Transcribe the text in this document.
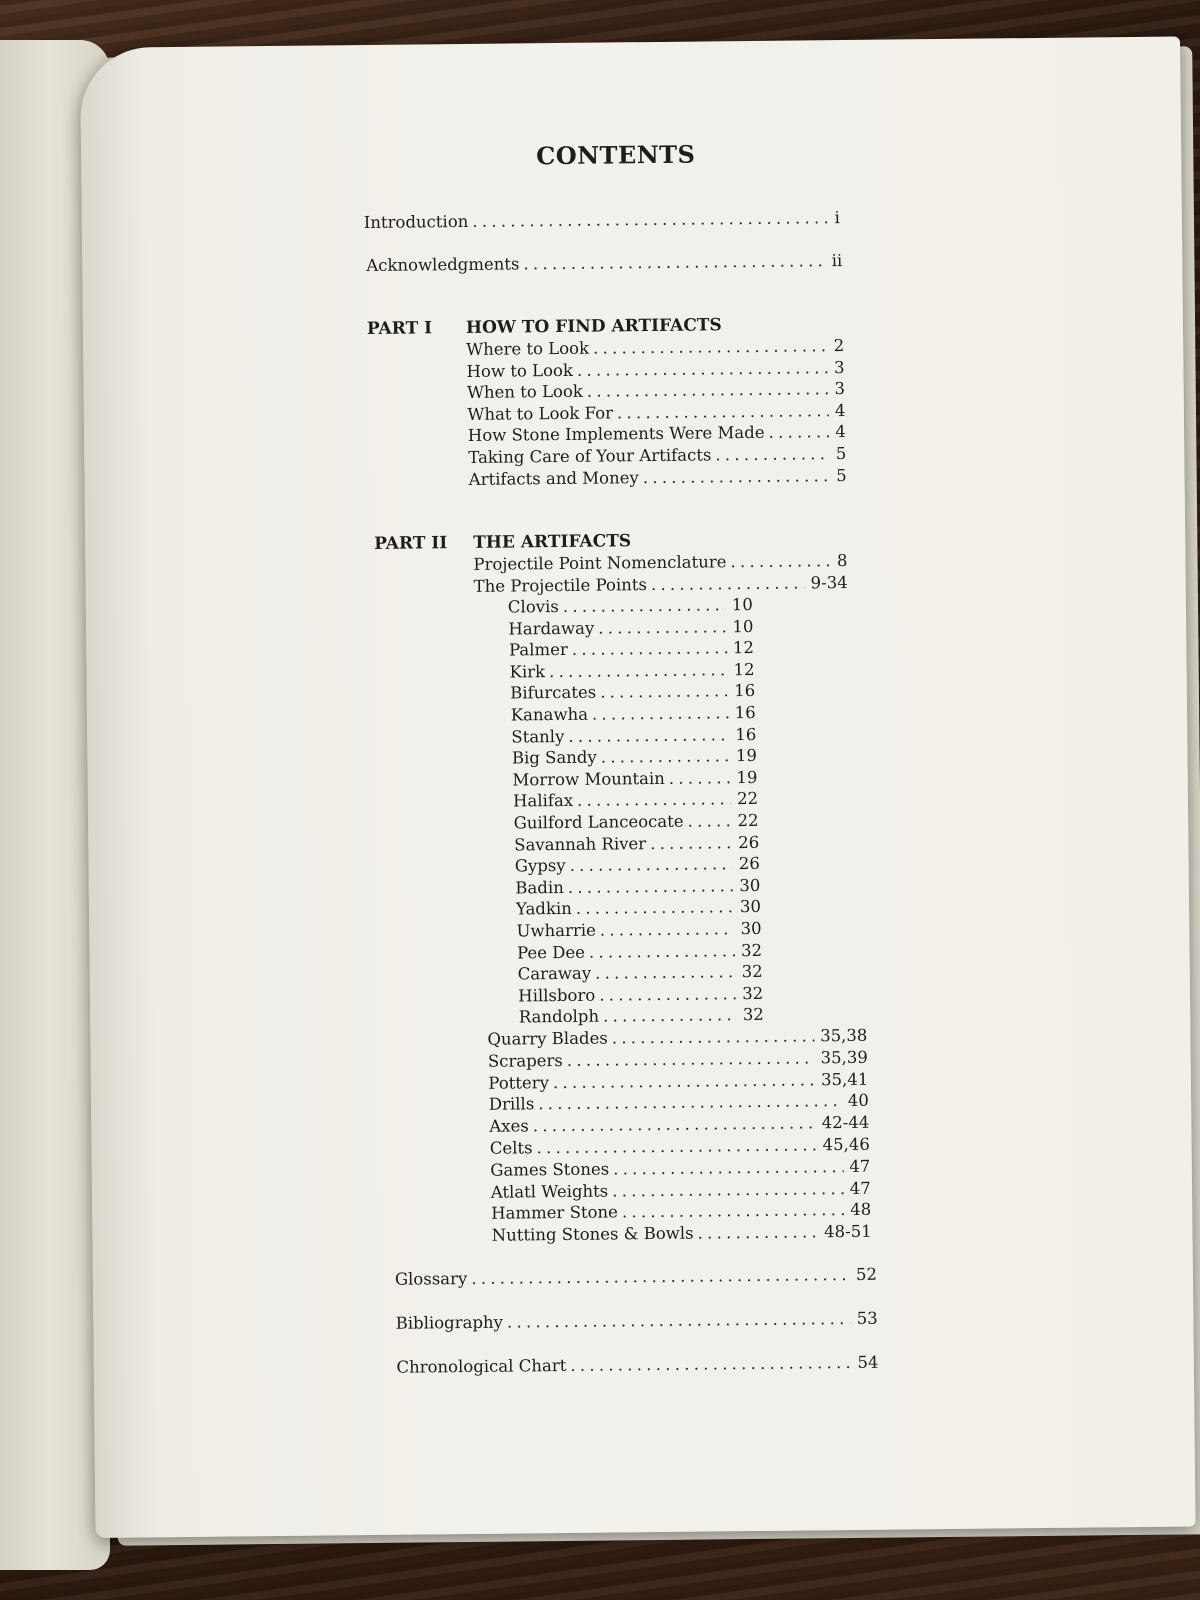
CONTENTS
Introduction . . .	i
Acknowledgments . . .	ii
PART I HOW TO FIND ARTIFACTS
Where to Look . . .	2
How to Look . . .	3
When to Look . . .	3
What to Look For . . .	4
How Stone Implements Were Made . . .	4
Taking Care of Your Artifacts . . .	5
Artifacts and Money . . .	5
PART II THE ARTIFACTS
Projectile Point Nomenclature . . .	8
The Projectile Points . . .	9-34
Clovis . . .	10
Hardaway . . .	10
Palmer . . .	12
Kirk . . .	12
Bifurcates . . .	16
Kanawha . . .	16
Stanly . . .	16
Big Sandy . . .	19
Morrow Mountain . . .	19
Halifax . . .	22
Guilford Lanceocate . . .	22
Savannah River . . .	26
Gypsy . . .	26
Badin . . .	30
Yadkin . . .	30
Uwharrie . . .	30
Pee Dee . . .	32
Caraway . . .	32
Hillsboro . . .	32
Randolph . . .	32
Quarry Blades . . .	35,38
Scrapers . . .	35,39
Pottery . . .	35,41
Drills . . .	40
Axes . . .	42-44
Celts . . .	45,46
Games Stones . . .	47
Atlatl Weights . . .	47
Hammer Stone . . .	48
Nutting Stones & Bowls . . .	48-51
Glossary . . .	52
Bibliography . . .	53
Chronological Chart . . .	54
